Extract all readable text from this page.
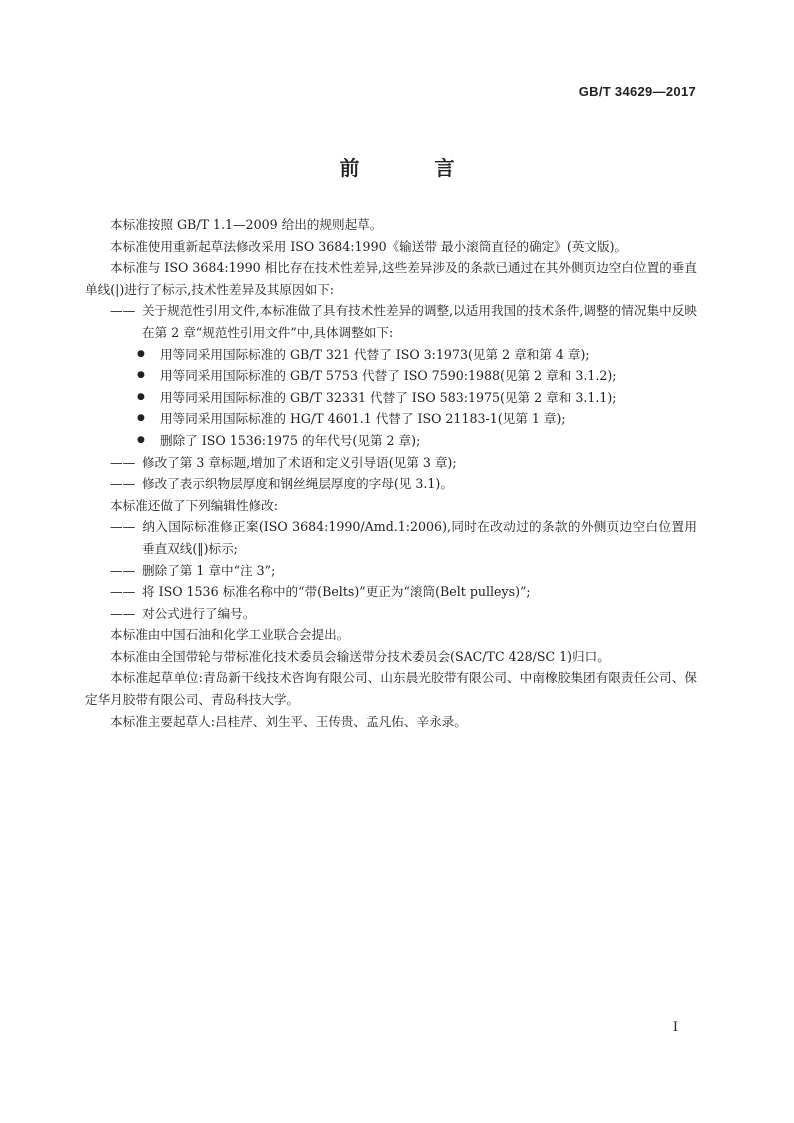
GB/T 34629—2017
前 言

本标准按照 GB/T 1.1—2009 给出的规则起草。

本标准使用重新起草法修改采用 ISO 3684:1990《输送带 最小滚筒直径的确定》(英文版)。

本标准与 ISO 3684:1990 相比存在技术性差异,这些差异涉及的条款已通过在其外侧页边空白位置的垂直单线(|)进行了标示,技术性差异及其原因如下:

—— 关于规范性引用文件,本标准做了具有技术性差异的调整,以适用我国的技术条件,调整的情况集中反映在第 2 章“规范性引用文件”中,具体调整如下:

● 用等同采用国际标准的 GB/T 321 代替了 ISO 3:1973(见第 2 章和第 4 章);

● 用等同采用国际标准的 GB/T 5753 代替了 ISO 7590:1988(见第 2 章和 3.1.2);

● 用等同采用国际标准的 GB/T 32331 代替了 ISO 583:1975(见第 2 章和 3.1.1);

● 用等同采用国际标准的 HG/T 4601.1 代替了 ISO 21183-1(见第 1 章);

● 删除了 ISO 1536:1975 的年代号(见第 2 章);

—— 修改了第 3 章标题,增加了术语和定义引导语(见第 3 章);

—— 修改了表示织物层厚度和钢丝绳层厚度的字母(见 3.1)。

本标准还做了下列编辑性修改:

—— 纳入国际标准修正案(ISO 3684:1990/Amd.1:2006),同时在改动过的条款的外侧页边空白位置用垂直双线(‖)标示;

—— 删除了第 1 章中“注 3”;

—— 将 ISO 1536 标准名称中的“带(Belts)”更正为“滚筒(Belt pulleys)”;

—— 对公式进行了编号。

本标准由中国石油和化学工业联合会提出。

本标准由全国带轮与带标准化技术委员会输送带分技术委员会(SAC/TC 428/SC 1)归口。

本标准起草单位:青岛新干线技术咨询有限公司、山东晨光胶带有限公司、中南橡胶集团有限责任公司、保定华月胶带有限公司、青岛科技大学。

本标准主要起草人:吕桂芹、刘生平、王传贵、孟凡佑、辛永录。

I
